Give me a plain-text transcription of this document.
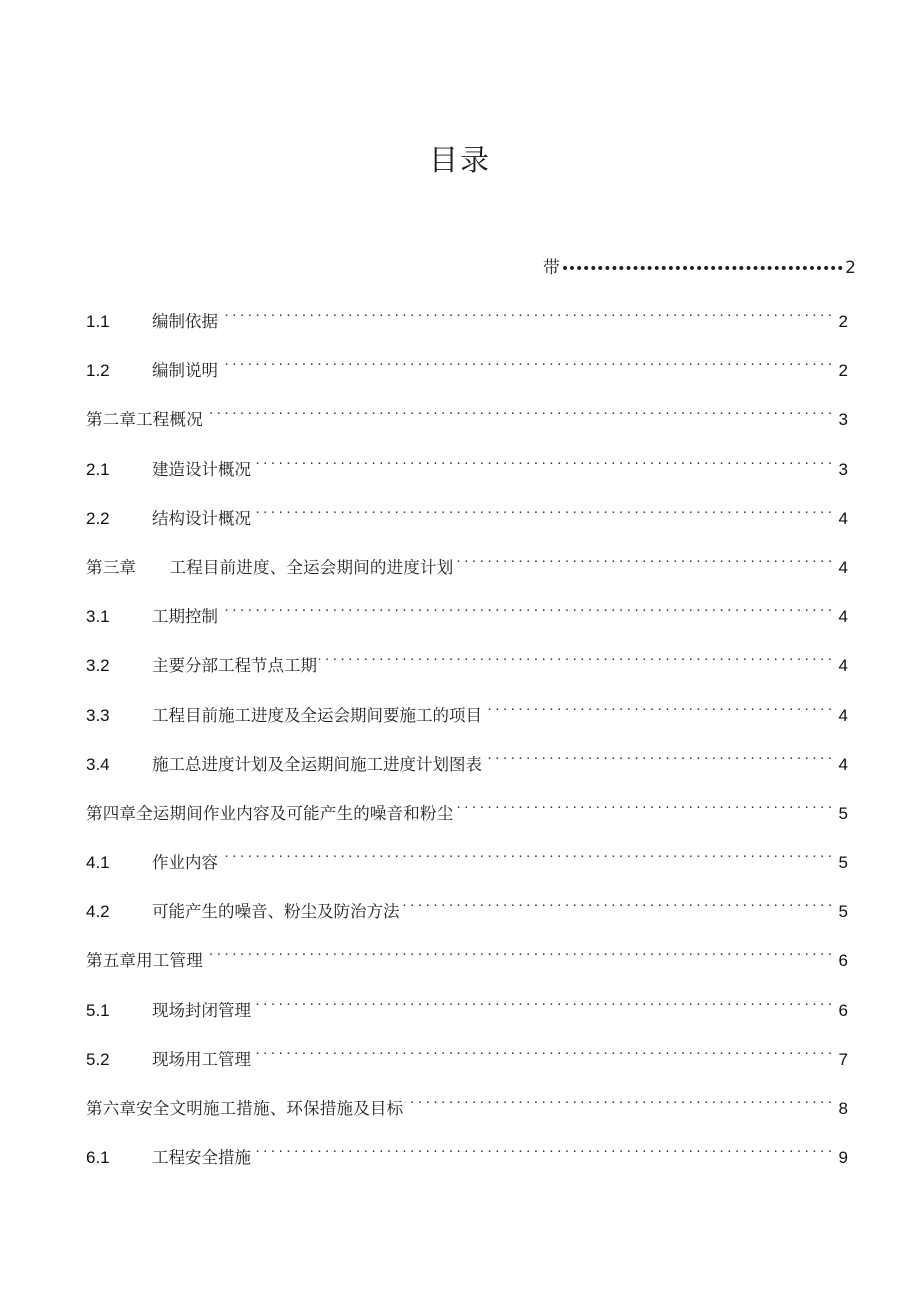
目录
带 •••••••••••••••••••••••••••••••••••••••• 2
1.1	编制依据 . . .	2
1.2	编制说明 . . .	2
第二章工程概况 . . .	3
2.1	建造设计概况 . . .	3
2.2	结构设计概况 . . .	4
第三章　　工程目前进度、全运会期间的进度计划 . . .	4
3.1	工期控制 . . .	4
3.2	主要分部工程节点工期 . . .	4
3.3	工程目前施工进度及全运会期间要施工的项目 . . .	4
3.4	施工总进度计划及全运期间施工进度计划图表 . . .	4
第四章全运期间作业内容及可能产生的噪音和粉尘 . . .	5
4.1	作业内容 . . .	5
4.2	可能产生的噪音、粉尘及防治方法 . . .	5
第五章用工管理 . . .	6
5.1	现场封闭管理 . . .	6
5.2	现场用工管理 . . .	7
第六章安全文明施工措施、环保措施及目标 . . .	8
6.1	工程安全措施 . . .	9
